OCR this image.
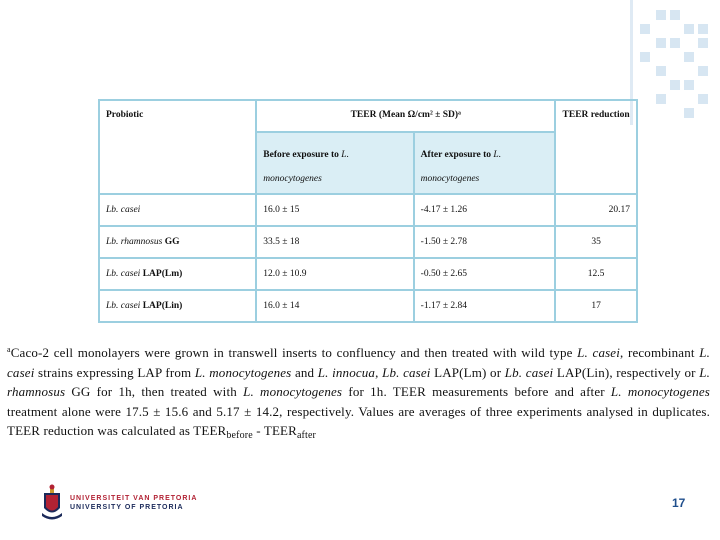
Probiotic	TEER (Mean Ω/cm² ± SD)ᵃ		TEER reduction
	Before exposure to L. monocytogenes	After exposure to L. monocytogenes	
Lb. casei	16.0 ± 15	-4.17 ± 1.26	20.17
Lb. rhamnosus GG	33.5 ± 18	-1.50 ± 2.78	35
Lb. casei LAP(Lm)	12.0 ± 10.9	-0.50 ± 2.65	12.5
Lb. casei LAP(Lin)	16.0 ± 14	-1.17 ± 2.84	17

$^a$Caco-2 cell monolayers were grown in transwell inserts to confluency and then treated with wild type L. casei, recombinant L. casei strains expressing LAP from L. monocytogenes and L. innocua, Lb. casei LAP(Lm) or Lb. casei LAP(Lin), respectively or L. rhamnosus GG for 1h, then treated with L. monocytogenes for 1h. TEER measurements before and after L. monocytogenes treatment alone were 17.5 ± 15.6 and 5.17 ± 14.2, respectively. Values are averages of three experiments analysed in duplicates. TEER reduction was calculated as $TEER_{before}$ - $TEER_{after}$

UNIVERSITEIT VAN PRETORIA
UNIVERSITY OF PRETORIA	17
